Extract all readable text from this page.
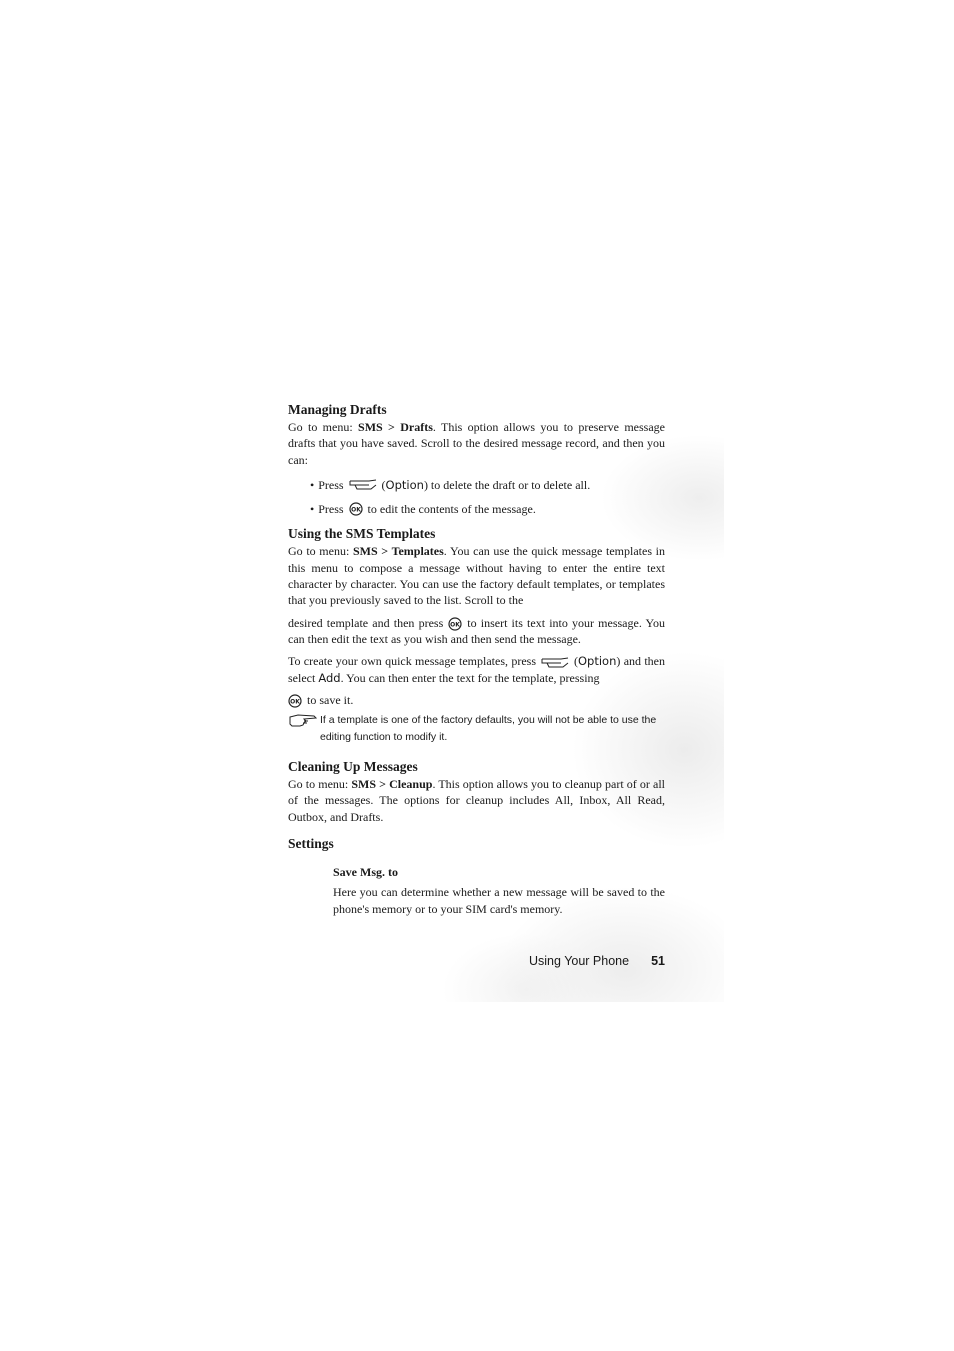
Managing Drafts

Go to menu: SMS > Drafts. This option allows you to preserve message drafts that you have saved. Scroll to the desired message record, and then you can:

• Press	( Option ) to delete the draft or to delete all.
• Press OK to edit the contents of the message.
Using the SMS Templates

Go to menu: SMS > Templates. You can use the quick message templates in this menu to compose a message without having to enter the entire text character by character. You can use the factory default templates, or templates that you previously saved to the list. Scroll to the

desired template and then press OK to insert its text into your message. You can then edit the text as you wish and then send the message.

To create your own quick message templates, press	(Option) and then select Add. You can then enter the text for the template, pressing

OK to save it.

If a template is one of the factory defaults, you will not be able to use the editing function to modify it.
Cleaning Up Messages

Go to menu: SMS > Cleanup. This option allows you to cleanup part of or all of the messages. The options for cleanup includes All, Inbox, All Read, Outbox, and Drafts.

Settings
Save Msg. to

Here you can determine whether a new message will be saved to the phone's memory or to your SIM card's memory.

Using Your Phone 51
